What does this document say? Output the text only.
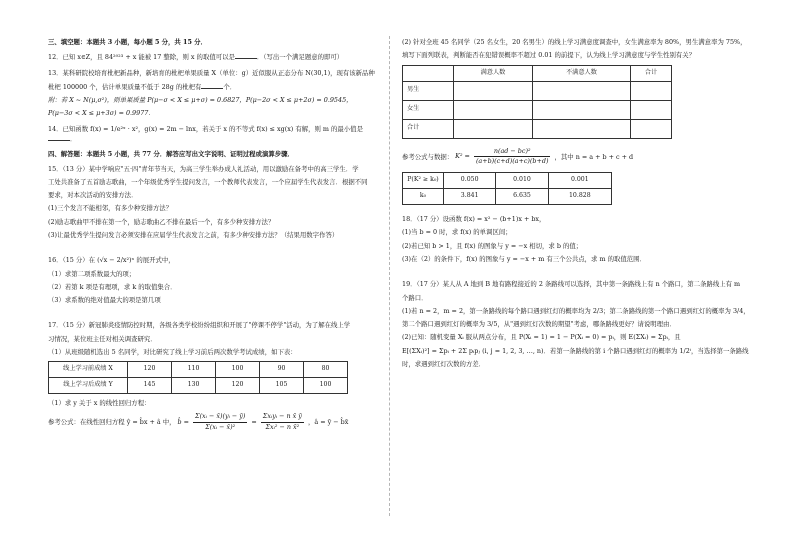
三、填空题：本题共 3 小题，每小题 5 分，共 15 分．

12．已知 x∈Z，且 84²⁰²³ + x 能被 17 整除，则 x 的取值可以是	．（写出一个满足题意的即可）

13．某科研院校培育枇杷新品种，新培育的枇杷单果质量 X（单位：g）近似服从正态分布 N(30,1)，现有该新品种

枇杷 100000 个，估计单果质量不低于 28g 的枇杷有	个．

附：若 X ~ N(μ,σ²)，则单果质量 P(μ−σ < X ≤ μ+σ) = 0.6827，P(μ−2σ < X ≤ μ+2σ) = 0.9545，

P(μ−3σ < X ≤ μ+3σ) = 0.9977．

14．已知函数 f(x) = 1/e²ˣ · x²，g(x) = 2m − lnx，若关于 x 的不等式 f(x) ≤ xg(x) 有解，则 m 的最小值是．

四、解答题：本题共 5 小题，共 77 分．解答应写出文字说明、证明过程或演算步骤．

15．（13 分）某中学响应"五·四"青年节当天，为高三学生举办成人礼活动，用以激励在备考中的高三学生．学

工处共准备了五首励志歌曲，一个年级优秀学生提问发言，一个教师代表发言，一个应届学生代表发言．根据不同

要求，对本次活动的安排方法．

(1)三个发言不能相邻，有多少种安排方法？

(2)励志歌曲甲不排在第一个，励志歌曲乙不排在最后一个，有多少种安排方法？

(3)让最优秀学生提问发言必须安排在应届学生代表发言之前，有多少种安排方法？（结果用数字作答）

16．（15 分）在 (√x − 2/x²)ⁿ 的展开式中，

（1）求第二项系数最大的项；

（2）若第 k 项是有理项，求 k 的取值集合．

（3）求系数的绝对值最大的项是第几项

17．（15 分）新冠肺炎疫情防控时期，各级各类学校纷纷组织和开展了"停课不停学"活动，为了解在线上学

习情况，某位班主任对相关调查研究．

（1）从班级随机选出 5 名同学，对比研究了线上学习前后两次数学考试成绩，如下表：

线上学习前成绩 X	120	110	100	90	80
线上学习后成绩 Y	145	130	120	105	100

（1）求 y 关于 x 的线性回归方程：

参考公式：在线性回归方程 ŷ = b̂x + â 中， b̂ = $\frac{\text{Σ(xᵢ − x̄)(yᵢ − ȳ)}}{\text{Σ(xᵢ − x̄)²}} = \frac{\text{Σxᵢyᵢ − n x̄ ȳ}}{\text{Σxᵢ² − n x̄²}}$ ，â = ȳ − b̂x̄

(2) 针对全班 45 名同学（25 名女生，20 名男生）的线上学习满意度调查中，女生满意率为 80%，男生满意率为 75%，

填写下面列联表，判断能否在犯错误概率不超过 0.01 的前提下，认为线上学习满意度与学生性别有关？

	满意人数	不满意人数	合计
男生			
女生			
合计			

参考公式与数据： $K^2 = \frac{\text{n(ad − bc)²}}{(a+b)(c+d)(a+c)(b+d)}$ ，其中 n = a + b + c + d

P(K² ≥ k₀)	0.050	0.010	0.001
k₀	3.841	6.635	10.828

18．（17 分）设函数 f(x) = x² − (b+1)x + bx，

(1)当 b = 0 时，求 f(x) 的单调区间；

(2)若已知 b > 1，且 f(x) 的图象与 y = −x 相切，求 b 的值；

(3)在（2）的条件下，f(x) 的图象与 y = −x + m 有三个公共点，求 m 的取值范围．

19．（17 分）某人从 A 地到 B 地有路程接近的 2 条路线可以选择，其中第一条路线上有 n 个路口，第二条路线上有 m

个路口．

(1)若 n = 2，m = 2，第一条路线的每个路口遇到红灯的概率均为 2/3；第二条路线的第一个路口遇到红灯的概率为 3/4，

第二个路口遇到红灯的概率为 3/5，从"遇到红灯次数的期望"考虑，哪条路线更好？请说明理由．

(2)已知：随机变量 Xᵢ 服从两点分布，且 P(Xᵢ = 1) = 1 − P(Xᵢ = 0) = pᵢ，则 E(ΣXᵢ) = Σpᵢ，且

E[(ΣXᵢ)²] = Σpᵢ + 2Σ pᵢpⱼ (i, j = 1, 2, 3, …, n)．若第一条路线的第 i 个路口遇到红灯的概率为 1/2ⁱ，当选择第一条路线

时，求遇到红灯次数的方差．
